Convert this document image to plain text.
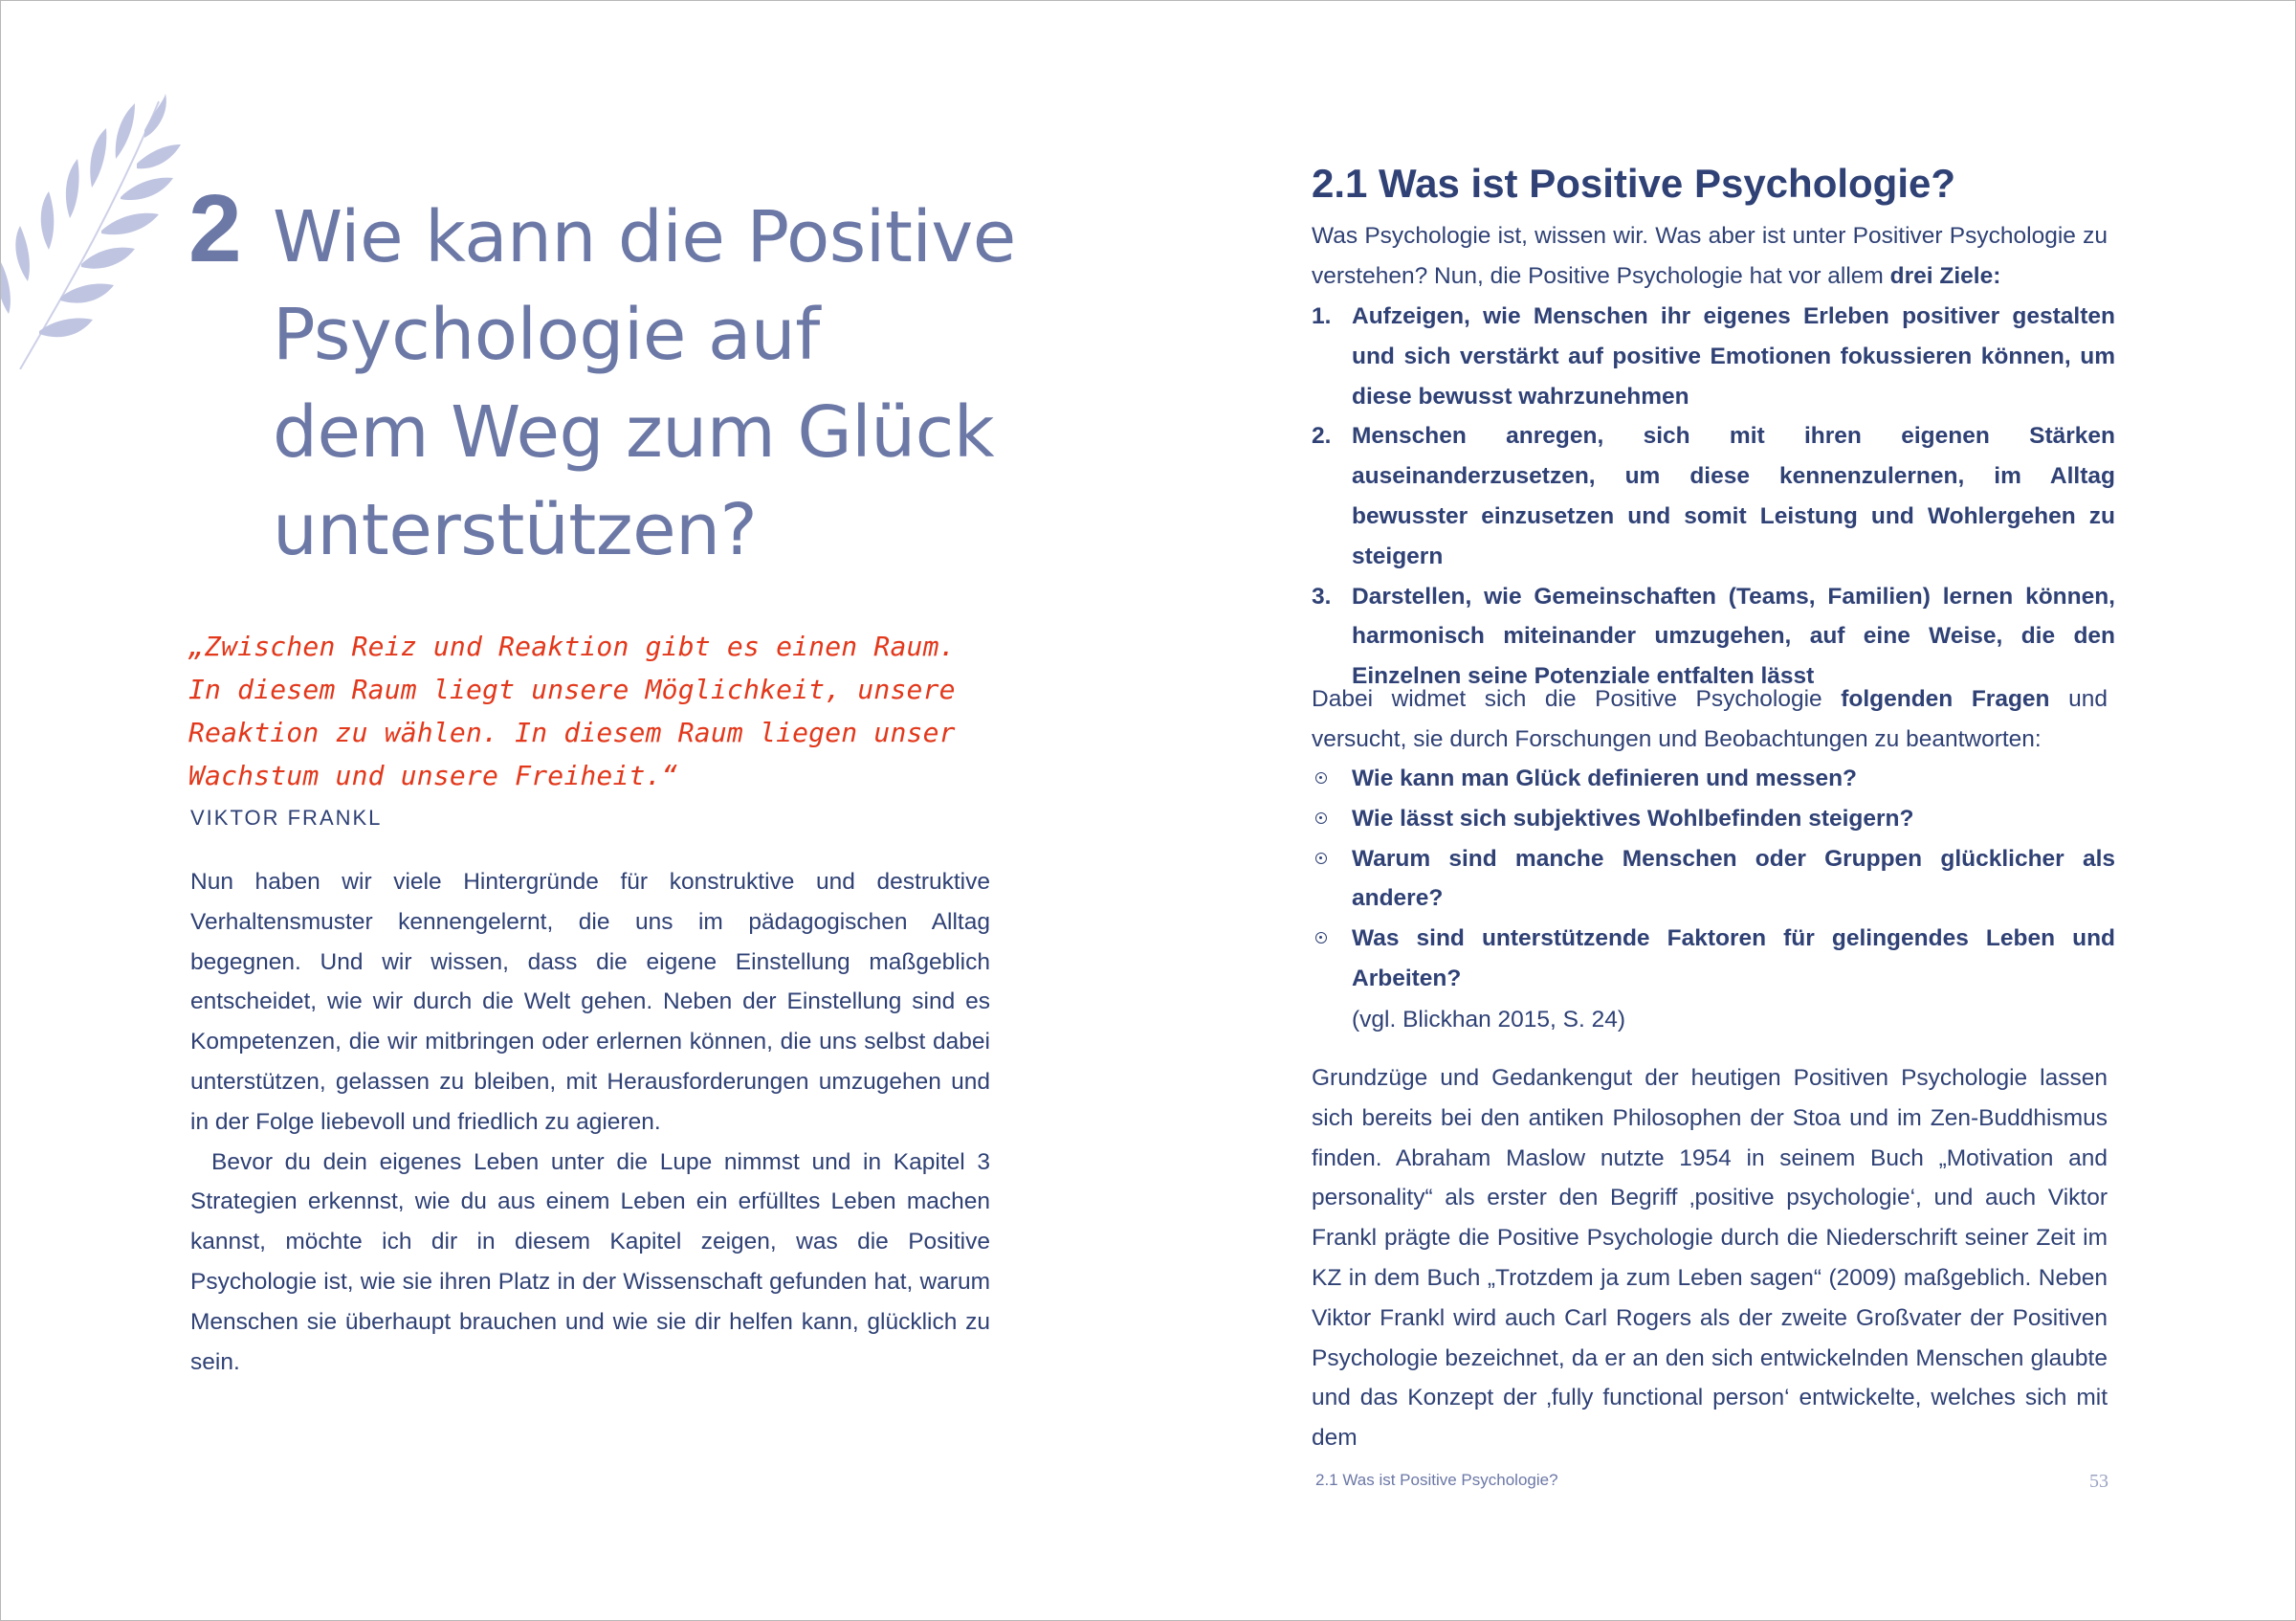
2 Wie kann die Positive
Psychologie auf
dem Weg zum Glück
unterstützen?
„Zwischen Reiz und Reaktion gibt es einen Raum.
In diesem Raum liegt unsere Möglichkeit, unsere
Reaktion zu wählen. In diesem Raum liegen unser
Wachstum und unsere Freiheit.“
VIKTOR FRANKL

Nun haben wir viele Hintergründe für konstruktive und destruktive Verhaltensmuster kennengelernt, die uns im pädagogischen Alltag begegnen. Und wir wissen, dass die eigene Einstellung maßgeblich entscheidet, wie wir durch die Welt gehen. Neben der Einstellung sind es Kompetenzen, die wir mitbringen oder erlernen können, die uns selbst dabei unterstützen, gelassen zu bleiben, mit Herausforderungen umzugehen und in der Folge liebevoll und friedlich zu agieren.

Bevor du dein eigenes Leben unter die Lupe nimmst und in Kapitel 3 Strategien erkennst, wie du aus einem Leben ein erfülltes Leben machen kannst, möchte ich dir in diesem Kapitel zeigen, was die Positive Psychologie ist, wie sie ihren Platz in der Wissenschaft gefunden hat, warum Menschen sie überhaupt brauchen und wie sie dir helfen kann, glücklich zu sein.

2.1 Was ist Positive Psychologie?

Was Psychologie ist, wissen wir. Was aber ist unter Positiver Psychologie zu verstehen? Nun, die Positive Psychologie hat vor allem drei Ziele:

1. Aufzeigen, wie Menschen ihr eigenes Erleben positiver gestalten und sich verstärkt auf positive Emotionen fokussieren können, um diese bewusst wahrzunehmen
2. Menschen anregen, sich mit ihren eigenen Stärken auseinanderzusetzen, um diese kennenzulernen, im Alltag bewusster einzusetzen und somit Leistung und Wohlergehen zu steigern
3. Darstellen, wie Gemeinschaften (Teams, Familien) lernen können, harmonisch miteinander umzugehen, auf eine Weise, die den Einzelnen seine Potenziale entfalten lässt

Dabei widmet sich die Positive Psychologie folgenden Fragen und versucht, sie durch Forschungen und Beobachtungen zu beantworten:

Wie kann man Glück definieren und messen?
Wie lässt sich subjektives Wohlbefinden steigern?
Warum sind manche Menschen oder Gruppen glücklicher als andere?
Was sind unterstützende Faktoren für gelingendes Leben und Arbeiten?
(vgl. Blickhan 2015, S. 24)

Grundzüge und Gedankengut der heutigen Positiven Psychologie lassen sich bereits bei den antiken Philosophen der Stoa und im Zen-Buddhismus finden. Abraham Maslow nutzte 1954 in seinem Buch „Motivation and personality“ als erster den Begriff ‚positive psychologie‘, und auch Viktor Frankl prägte die Positive Psychologie durch die Niederschrift seiner Zeit im KZ in dem Buch „Trotzdem ja zum Leben sagen“ (2009) maßgeblich. Neben Viktor Frankl wird auch Carl Rogers als der zweite Großvater der Positiven Psychologie bezeichnet, da er an den sich entwickelnden Menschen glaubte und das Konzept der ‚fully functional person‘ entwickelte, welches sich mit dem

2.1 Was ist Positive Psychologie?	53
